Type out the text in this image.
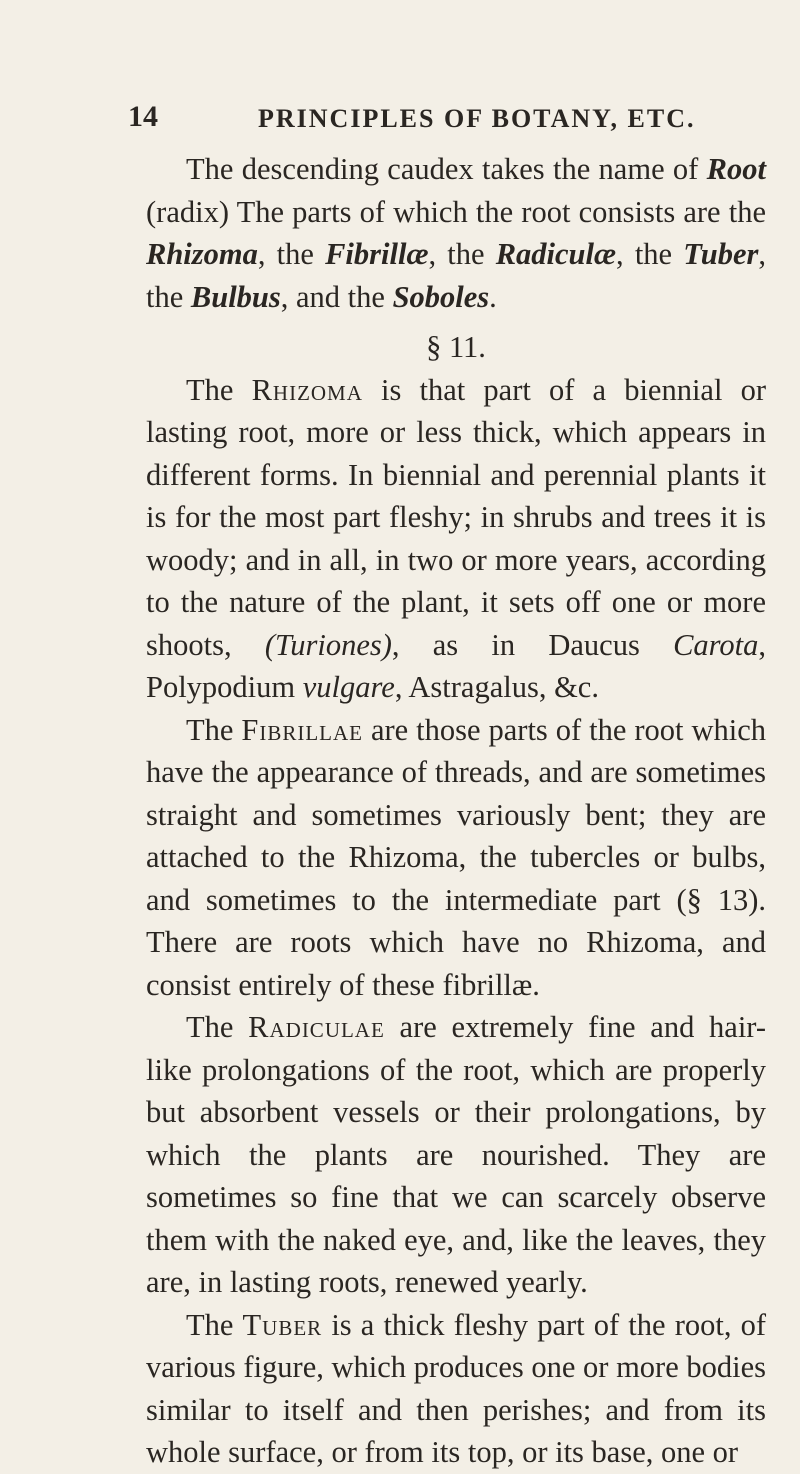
14	PRINCIPLES OF BOTANY, ETC.

The descending caudex takes the name of Root (radix) The parts of which the root consists are the Rhizoma, the Fibrillæ, the Radiculæ, the Tuber, the Bulbus, and the Soboles.

§ 11.

The Rhizoma is that part of a biennial or lasting root, more or less thick, which appears in different forms. In biennial and perennial plants it is for the most part fleshy; in shrubs and trees it is woody; and in all, in two or more years, according to the nature of the plant, it sets off one or more shoots, (Turiones), as in Daucus Carota, Polypodium vulgare, Astragalus, &c.

The Fibrillae are those parts of the root which have the appearance of threads, and are sometimes straight and sometimes variously bent; they are attached to the Rhizoma, the tubercles or bulbs, and sometimes to the intermediate part (§ 13). There are roots which have no Rhizoma, and consist entirely of these fibrillæ.

The Radiculae are extremely fine and hair-like prolongations of the root, which are properly but absorbent vessels or their prolongations, by which the plants are nourished. They are sometimes so fine that we can scarcely observe them with the naked eye, and, like the leaves, they are, in lasting roots, renewed yearly.

The Tuber is a thick fleshy part of the root, of various figure, which produces one or more bodies similar to itself and then perishes; and from its whole surface, or from its top, or its base, one or
